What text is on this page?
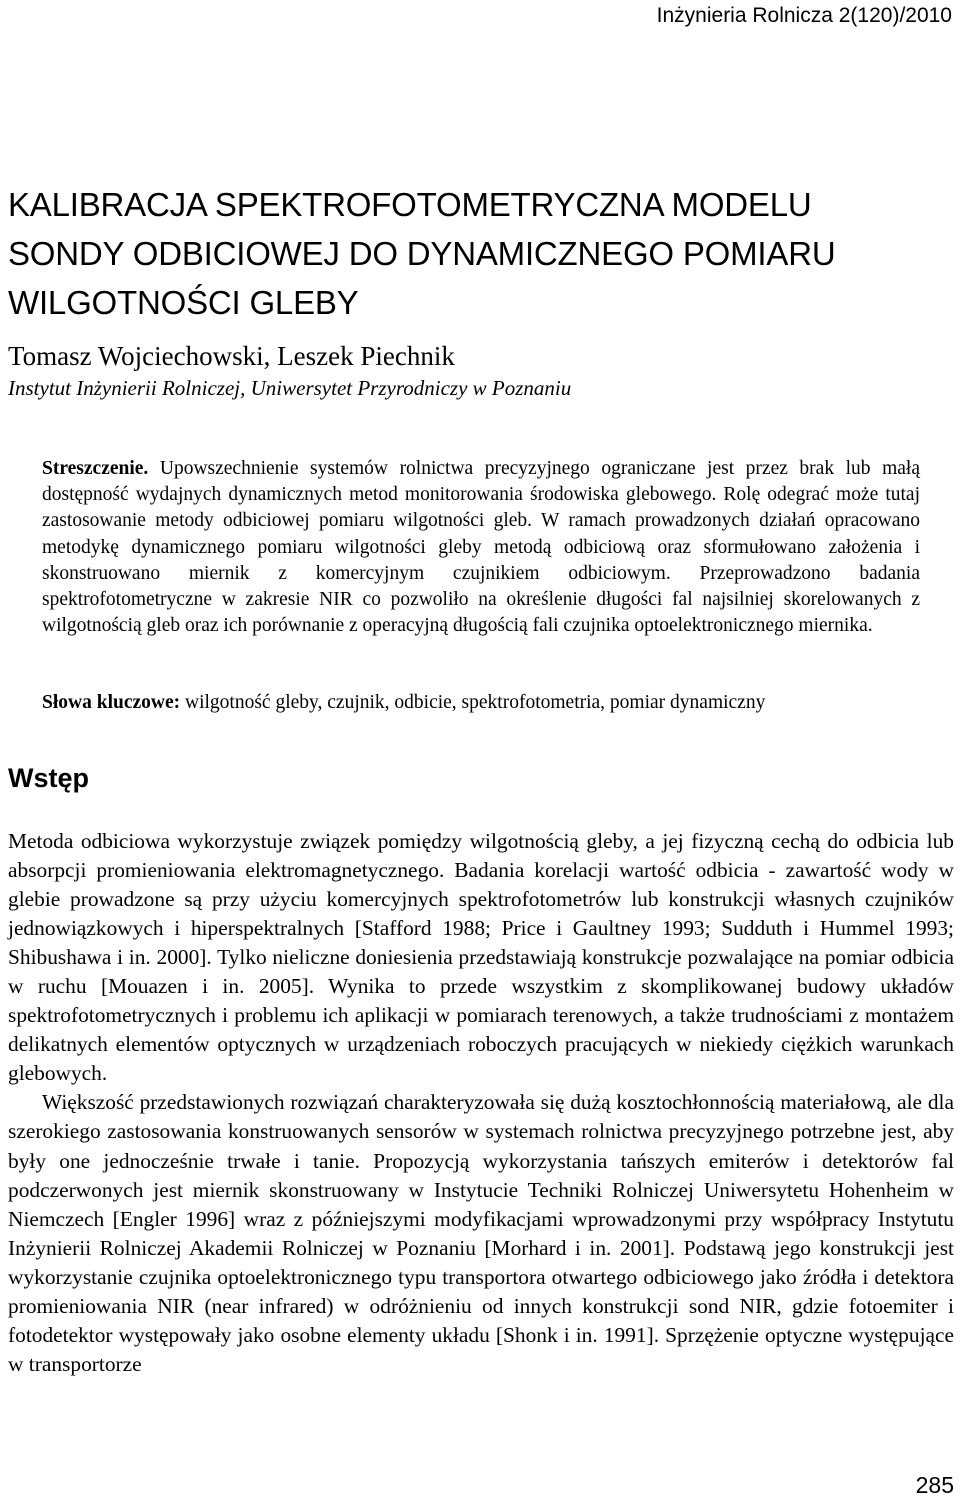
Inżynieria Rolnicza 2(120)/2010
KALIBRACJA SPEKTROFOTOMETRYCZNA MODELU
SONDY ODBICIOWEJ DO DYNAMICZNEGO POMIARU
WILGOTNOŚCI GLEBY
Tomasz Wojciechowski, Leszek Piechnik
Instytut Inżynierii Rolniczej, Uniwersytet Przyrodniczy w Poznaniu

Streszczenie. Upowszechnienie systemów rolnictwa precyzyjnego ograniczane jest przez brak lub małą dostępność wydajnych dynamicznych metod monitorowania środowiska glebowego. Rolę odegrać może tutaj zastosowanie metody odbiciowej pomiaru wilgotności gleb. W ramach prowadzonych działań opracowano metodykę dynamicznego pomiaru wilgotności gleby metodą odbiciową oraz sformułowano założenia i skonstruowano miernik z komercyjnym czujnikiem odbiciowym. Przeprowadzono badania spektrofotometryczne w zakresie NIR co pozwoliło na określenie długości fal najsilniej skorelowanych z wilgotnością gleb oraz ich porównanie z operacyjną długością fali czujnika optoelektronicznego miernika.

Słowa kluczowe: wilgotność gleby, czujnik, odbicie, spektrofotometria, pomiar dynamiczny
Wstęp

Metoda odbiciowa wykorzystuje związek pomiędzy wilgotnością gleby, a jej fizyczną cechą do odbicia lub absorpcji promieniowania elektromagnetycznego. Badania korelacji wartość odbicia - zawartość wody w glebie prowadzone są przy użyciu komercyjnych spektrofotometrów lub konstrukcji własnych czujników jednowiązkowych i hiperspektralnych [Stafford 1988; Price i Gaultney 1993; Sudduth i Hummel 1993; Shibushawa i in. 2000]. Tylko nieliczne doniesienia przedstawiają konstrukcje pozwalające na pomiar odbicia w ruchu [Mouazen i in. 2005]. Wynika to przede wszystkim z skomplikowanej budowy układów spektrofotometrycznych i problemu ich aplikacji w pomiarach terenowych, a także trudnościami z montażem delikatnych elementów optycznych w urządzeniach roboczych pracujących w niekiedy ciężkich warunkach glebowych.

Większość przedstawionych rozwiązań charakteryzowała się dużą kosztochłonnością materiałową, ale dla szerokiego zastosowania konstruowanych sensorów w systemach rolnictwa precyzyjnego potrzebne jest, aby były one jednocześnie trwałe i tanie. Propozycją wykorzystania tańszych emiterów i detektorów fal podczerwonych jest miernik skonstruowany w Instytucie Techniki Rolniczej Uniwersytetu Hohenheim w Niemczech [Engler 1996] wraz z późniejszymi modyfikacjami wprowadzonymi przy współpracy Instytutu Inżynierii Rolniczej Akademii Rolniczej w Poznaniu [Morhard i in. 2001]. Podstawą jego konstrukcji jest wykorzystanie czujnika optoelektronicznego typu transportora otwartego odbiciowego jako źródła i detektora promieniowania NIR (near infrared) w odróżnieniu od innych konstrukcji sond NIR, gdzie fotoemiter i fotodetektor występowały jako osobne elementy układu [Shonk i in. 1991]. Sprzężenie optyczne występujące w transportorze

285
